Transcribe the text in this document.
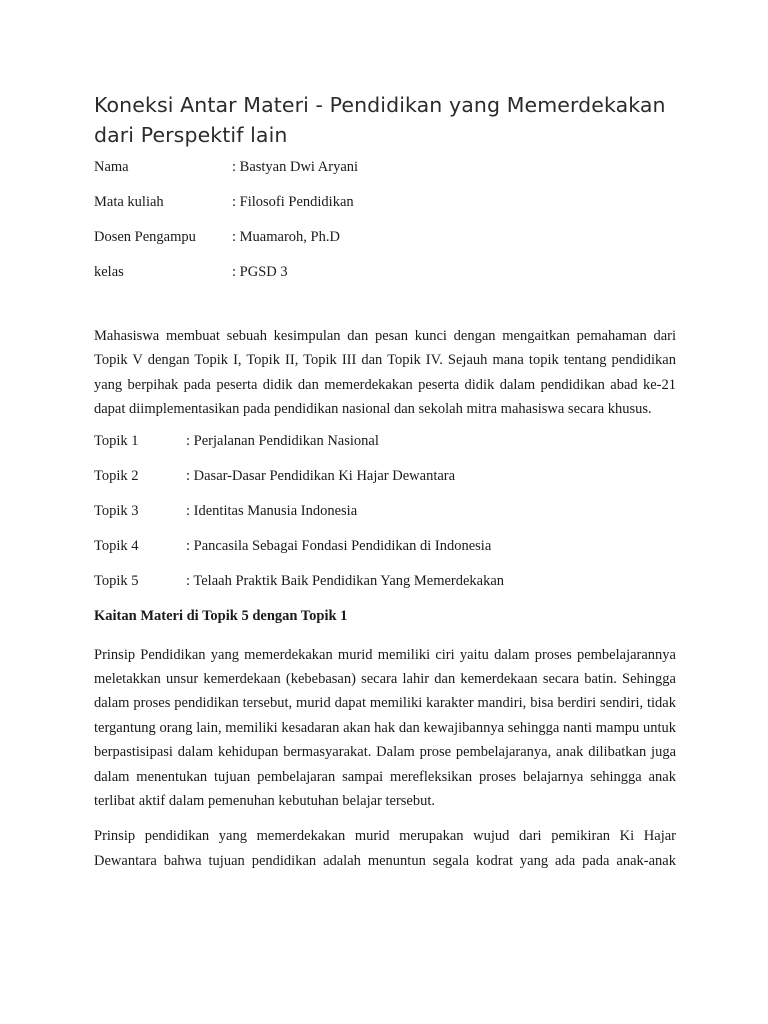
Koneksi Antar Materi - Pendidikan yang Memerdekakan dari Perspektif lain
Nama	: Bastyan Dwi Aryani
Mata kuliah	: Filosofi Pendidikan
Dosen Pengampu	: Muamaroh, Ph.D
kelas	: PGSD 3

Mahasiswa membuat sebuah kesimpulan dan pesan kunci dengan mengaitkan pemahaman dari Topik V dengan Topik I, Topik II, Topik III dan Topik IV. Sejauh mana topik tentang pendidikan yang berpihak pada peserta didik dan memerdekakan peserta didik dalam pendidikan abad ke-21 dapat diimplementasikan pada pendidikan nasional dan sekolah mitra mahasiswa secara khusus.

Topik 1	: Perjalanan Pendidikan Nasional
Topik 2	: Dasar-Dasar Pendidikan Ki Hajar Dewantara
Topik 3	: Identitas Manusia Indonesia
Topik 4	: Pancasila Sebagai Fondasi Pendidikan di Indonesia
Topik 5	: Telaah Praktik Baik Pendidikan Yang Memerdekakan
Kaitan Materi di Topik 5 dengan Topik 1

Prinsip Pendidikan yang memerdekakan murid memiliki ciri yaitu dalam proses pembelajarannya meletakkan unsur kemerdekaan (kebebasan) secara lahir dan kemerdekaan secara batin. Sehingga dalam proses pendidikan tersebut, murid dapat memiliki karakter mandiri, bisa berdiri sendiri, tidak tergantung orang lain, memiliki kesadaran akan hak dan kewajibannya sehingga nanti mampu untuk berpastisipasi dalam kehidupan bermasyarakat. Dalam prose pembelajaranya, anak dilibatkan juga dalam menentukan tujuan pembelajaran sampai merefleksikan proses belajarnya sehingga anak terlibat aktif dalam pemenuhan kebutuhan belajar tersebut.

Prinsip pendidikan yang memerdekakan murid merupakan wujud dari pemikiran Ki Hajar Dewantara bahwa tujuan pendidikan adalah menuntun segala kodrat yang ada pada anak-anak
